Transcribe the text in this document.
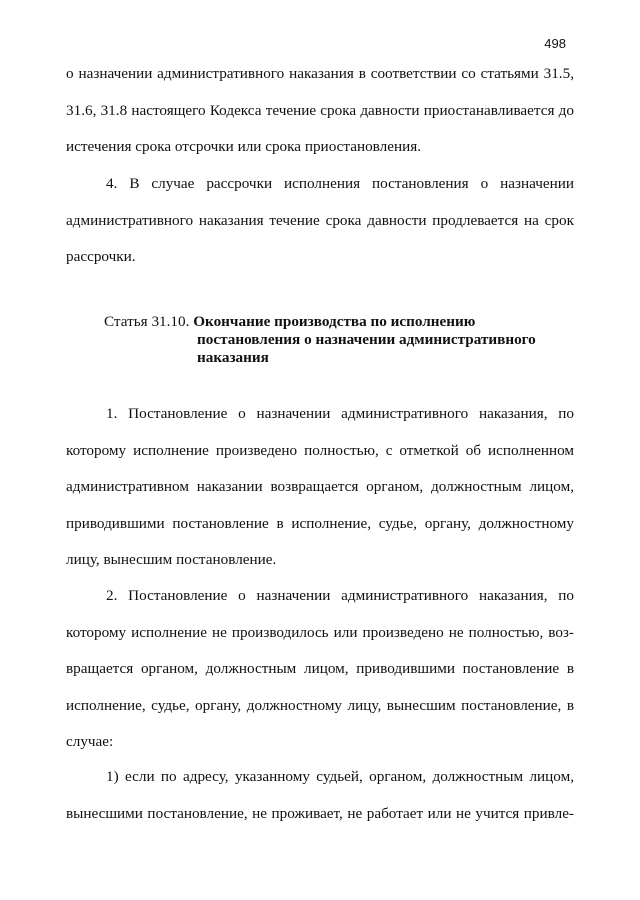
498
о назначении административного наказания в соответствии со статьями 31.5,
31.6, 31.8 настоящего Кодекса течение срока давности приостанавливается до
истечения срока отсрочки или срока приостановления.
4. В случае рассрочки исполнения постановления о назначении
административного наказания течение срока давности продлевается на срок
рассрочки.
Статья 31.10. Окончание производства по исполнению
постановления о назначении административного
наказания
1. Постановление о назначении административного наказания, по
которому исполнение произведено полностью, с отметкой об исполненном
административном наказании возвращается органом, должностным лицом,
приводившими постановление в исполнение, судье, органу, должностному
лицу, вынесшим постановление.
2. Постановление о назначении административного наказания, по
которому исполнение не производилось или произведено не полностью, воз-
вращается органом, должностным лицом, приводившими постановление в
исполнение, судье, органу, должностному лицу, вынесшим постановление, в
случае:
1) если по адресу, указанному судьей, органом, должностным лицом,
вынесшими постановление, не проживает, не работает или не учится привле-
